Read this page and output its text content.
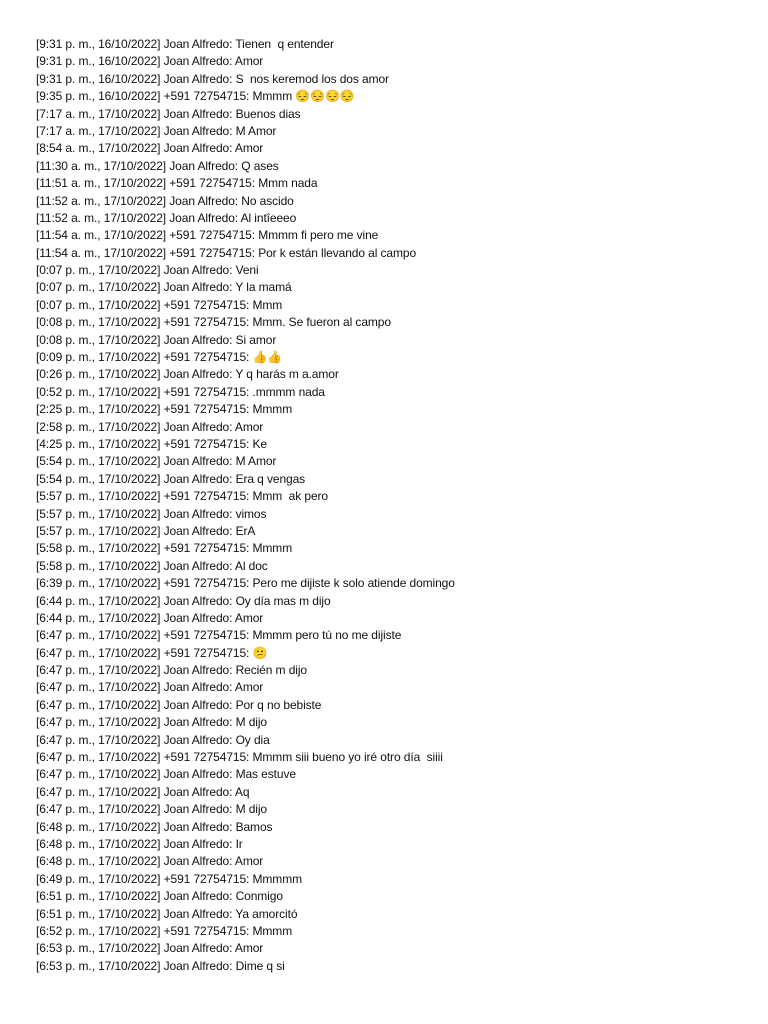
[9:31 p. m., 16/10/2022] Joan Alfredo: Tienen  q entender
[9:31 p. m., 16/10/2022] Joan Alfredo: Amor
[9:31 p. m., 16/10/2022] Joan Alfredo: S  nos keremod los dos amor
[9:35 p. m., 16/10/2022] +591 72754715: Mmmm 😔😔😔😔
[7:17 a. m., 17/10/2022] Joan Alfredo: Buenos dias
[7:17 a. m., 17/10/2022] Joan Alfredo: M Amor
[8:54 a. m., 17/10/2022] Joan Alfredo: Amor
[11:30 a. m., 17/10/2022] Joan Alfredo: Q ases
[11:51 a. m., 17/10/2022] +591 72754715: Mmm nada
[11:52 a. m., 17/10/2022] Joan Alfredo: No ascido
[11:52 a. m., 17/10/2022] Joan Alfredo: Al intîeeeo
[11:54 a. m., 17/10/2022] +591 72754715: Mmmm fi pero me vine
[11:54 a. m., 17/10/2022] +591 72754715: Por k están llevando al campo
[0:07 p. m., 17/10/2022] Joan Alfredo: Veni
[0:07 p. m., 17/10/2022] Joan Alfredo: Y la mamá
[0:07 p. m., 17/10/2022] +591 72754715: Mmm
[0:08 p. m., 17/10/2022] +591 72754715: Mmm. Se fueron al campo
[0:08 p. m., 17/10/2022] Joan Alfredo: Si amor
[0:09 p. m., 17/10/2022] +591 72754715: 👍👍
[0:26 p. m., 17/10/2022] Joan Alfredo: Y q harás m a.amor
[0:52 p. m., 17/10/2022] +591 72754715: .mmmm nada
[2:25 p. m., 17/10/2022] +591 72754715: Mmmm
[2:58 p. m., 17/10/2022] Joan Alfredo: Amor
[4:25 p. m., 17/10/2022] +591 72754715: Ke
[5:54 p. m., 17/10/2022] Joan Alfredo: M Amor
[5:54 p. m., 17/10/2022] Joan Alfredo: Era q vengas
[5:57 p. m., 17/10/2022] +591 72754715: Mmm  ak pero
[5:57 p. m., 17/10/2022] Joan Alfredo: vimos
[5:57 p. m., 17/10/2022] Joan Alfredo: ErA
[5:58 p. m., 17/10/2022] +591 72754715: Mmmm
[5:58 p. m., 17/10/2022] Joan Alfredo: Al doc
[6:39 p. m., 17/10/2022] +591 72754715: Pero me dijiste k solo atiende domingo
[6:44 p. m., 17/10/2022] Joan Alfredo: Oy día mas m dijo
[6:44 p. m., 17/10/2022] Joan Alfredo: Amor
[6:47 p. m., 17/10/2022] +591 72754715: Mmmm pero tú no me dijiste
[6:47 p. m., 17/10/2022] +591 72754715: 😕
[6:47 p. m., 17/10/2022] Joan Alfredo: Recién m dijo
[6:47 p. m., 17/10/2022] Joan Alfredo: Amor
[6:47 p. m., 17/10/2022] Joan Alfredo: Por q no bebiste
[6:47 p. m., 17/10/2022] Joan Alfredo: M dijo
[6:47 p. m., 17/10/2022] Joan Alfredo: Oy dia
[6:47 p. m., 17/10/2022] +591 72754715: Mmmm siii bueno yo iré otro día  siiii
[6:47 p. m., 17/10/2022] Joan Alfredo: Mas estuve
[6:47 p. m., 17/10/2022] Joan Alfredo: Aq
[6:47 p. m., 17/10/2022] Joan Alfredo: M dijo
[6:48 p. m., 17/10/2022] Joan Alfredo: Bamos
[6:48 p. m., 17/10/2022] Joan Alfredo: Ir
[6:48 p. m., 17/10/2022] Joan Alfredo: Amor
[6:49 p. m., 17/10/2022] +591 72754715: Mmmmm
[6:51 p. m., 17/10/2022] Joan Alfredo: Conmigo
[6:51 p. m., 17/10/2022] Joan Alfredo: Ya amorcitó
[6:52 p. m., 17/10/2022] +591 72754715: Mmmm
[6:53 p. m., 17/10/2022] Joan Alfredo: Amor
[6:53 p. m., 17/10/2022] Joan Alfredo: Dime q si
